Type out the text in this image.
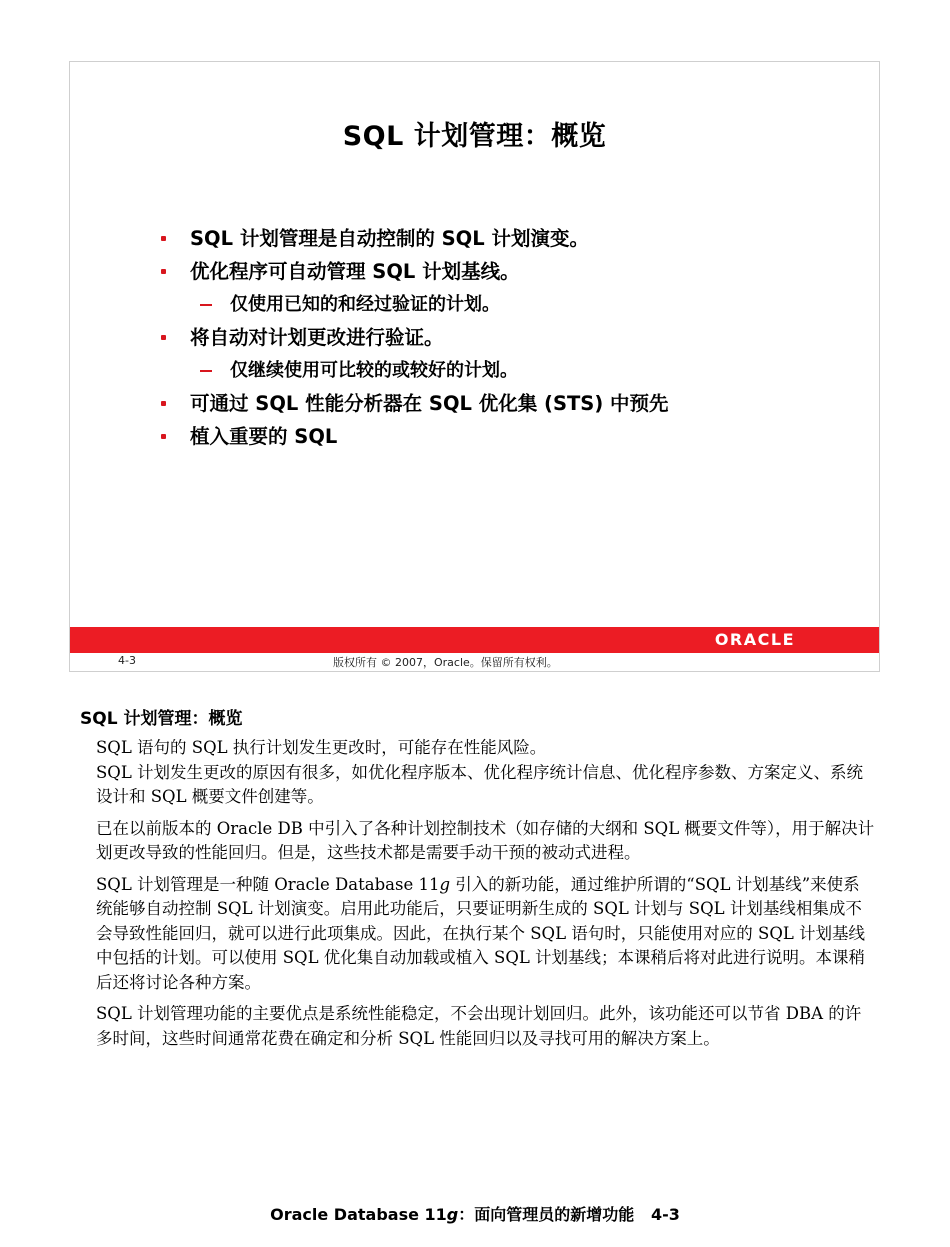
SQL 计划管理：概览
SQL 计划管理是自动控制的 SQL 计划演变。
优化程序可自动管理 SQL 计划基线。
仅使用已知的和经过验证的计划。
将自动对计划更改进行验证。
仅继续使用可比较的或较好的计划。
可通过 SQL 性能分析器在 SQL 优化集 (STS) 中预先
植入重要的 SQL
ORACLE
4-3	版权所有 © 2007，Oracle。保留所有权利。
SQL 计划管理：概览

SQL 语句的 SQL 执行计划发生更改时，可能存在性能风险。

SQL 计划发生更改的原因有很多，如优化程序版本、优化程序统计信息、优化程序参数、方案定义、系统设计和 SQL 概要文件创建等。

已在以前版本的 Oracle DB 中引入了各种计划控制技术（如存储的大纲和 SQL 概要文件等），用于解决计划更改导致的性能回归。但是，这些技术都是需要手动干预的被动式进程。

SQL 计划管理是一种随 Oracle Database 11g 引入的新功能，通过维护所谓的“SQL 计划基线”来使系统能够自动控制 SQL 计划演变。启用此功能后，只要证明新生成的 SQL 计划与 SQL 计划基线相集成不会导致性能回归，就可以进行此项集成。因此，在执行某个 SQL 语句时，只能使用对应的 SQL 计划基线中包括的计划。可以使用 SQL 优化集自动加载或植入 SQL 计划基线；本课稍后将对此进行说明。本课稍后还将讨论各种方案。

SQL 计划管理功能的主要优点是系统性能稳定，不会出现计划回归。此外，该功能还可以节省 DBA 的许多时间，这些时间通常花费在确定和分析 SQL 性能回归以及寻找可用的解决方案上。

Oracle Database 11g：面向管理员的新增功能 4-3
